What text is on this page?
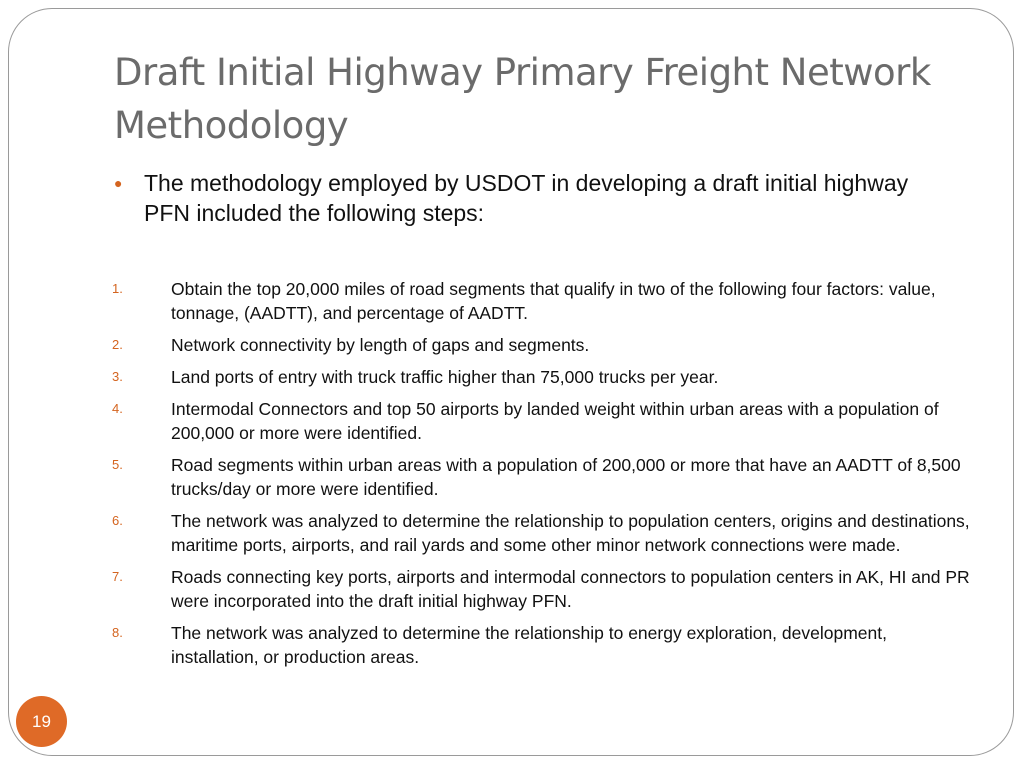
Draft Initial Highway Primary Freight Network Methodology
● The methodology employed by USDOT in developing a draft initial highway PFN included the following steps:

1.	Obtain the top 20,000 miles of road segments that qualify in two of the following four factors: value, tonnage, (AADTT), and percentage of AADTT.
2.	Network connectivity by length of gaps and segments.
3.	Land ports of entry with truck traffic higher than 75,000 trucks per year.
4.	Intermodal Connectors and top 50 airports by landed weight within urban areas with a population of 200,000 or more were identified.
5.	Road segments within urban areas with a population of 200,000 or more that have an AADTT of 8,500 trucks/day or more were identified.
6.	The network was analyzed to determine the relationship to population centers, origins and destinations, maritime ports, airports, and rail yards and some other minor network connections were made.
7.	Roads connecting key ports, airports and intermodal connectors to population centers in AK, HI and PR were incorporated into the draft initial highway PFN.
8.	The network was analyzed to determine the relationship to energy exploration, development, installation, or production areas.
19
